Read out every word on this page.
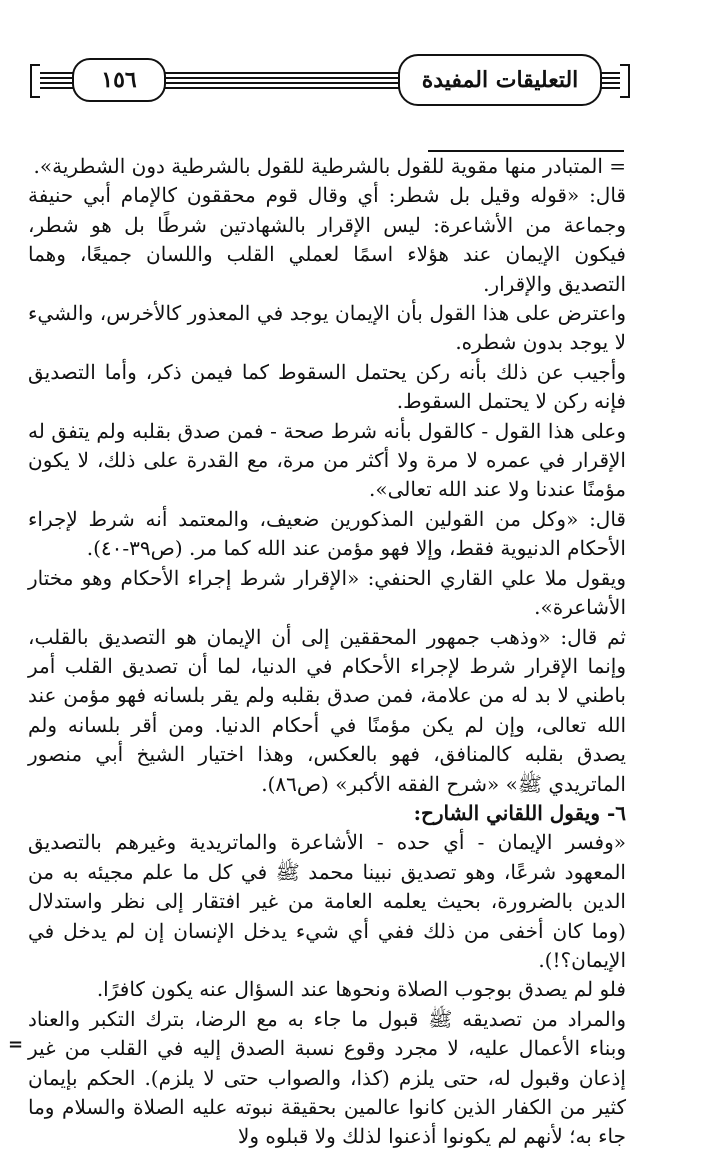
١٥٦	التعليقات المفيدة

= المتبادر منها مقوية للقول بالشرطية للقول بالشرطية دون الشطرية».

قال: «قوله وقيل بل شطر: أي وقال قوم محققون كالإمام أبي حنيفة وجماعة من الأشاعرة: ليس الإقرار بالشهادتين شرطًا بل هو شطر، فيكون الإيمان عند هؤلاء اسمًا لعملي القلب واللسان جميعًا، وهما التصديق والإقرار.

واعترض على هذا القول بأن الإيمان يوجد في المعذور كالأخرس، والشيء لا يوجد بدون شطره.

وأجيب عن ذلك بأنه ركن يحتمل السقوط كما فيمن ذكر، وأما التصديق فإنه ركن لا يحتمل السقوط.

وعلى هذا القول - كالقول بأنه شرط صحة - فمن صدق بقلبه ولم يتفق له الإقرار في عمره لا مرة ولا أكثر من مرة، مع القدرة على ذلك، لا يكون مؤمنًا عندنا ولا عند الله تعالى».

قال: «وكل من القولين المذكورين ضعيف، والمعتمد أنه شرط لإجراء الأحكام الدنيوية فقط، وإلا فهو مؤمن عند الله كما مر. (ص٣٩-٤٠).

ويقول ملا علي القاري الحنفي: «الإقرار شرط إجراء الأحكام وهو مختار الأشاعرة».

ثم قال: «وذهب جمهور المحققين إلى أن الإيمان هو التصديق بالقلب، وإنما الإقرار شرط لإجراء الأحكام في الدنيا، لما أن تصديق القلب أمر باطني لا بد له من علامة، فمن صدق بقلبه ولم يقر بلسانه فهو مؤمن عند الله تعالى، وإن لم يكن مؤمنًا في أحكام الدنيا. ومن أقر بلسانه ولم يصدق بقلبه كالمنافق، فهو بالعكس، وهذا اختيار الشيخ أبي منصور الماتريدي ﷺ» «شرح الفقه الأكبر» (ص٨٦).

٦- ويقول اللقاني الشارح:

«وفسر الإيمان - أي حده - الأشاعرة والماتريدية وغيرهم بالتصديق المعهود شرعًا، وهو تصديق نبينا محمد ﷺ في كل ما علم مجيئه به من الدين بالضرورة، بحيث يعلمه العامة من غير افتقار إلى نظر واستدلال (وما كان أخفى من ذلك ففي أي شيء يدخل الإنسان إن لم يدخل في الإيمان؟!).

فلو لم يصدق بوجوب الصلاة ونحوها عند السؤال عنه يكون كافرًا.

والمراد من تصديقه ﷺ قبول ما جاء به مع الرضا، بترك التكبر والعناد وبناء الأعمال عليه، لا مجرد وقوع نسبة الصدق إليه في القلب من غير إذعان وقبول له، حتى يلزم (كذا، والصواب حتى لا يلزم). الحكم بإيمان كثير من الكفار الذين كانوا عالمين بحقيقة نبوته عليه الصلاة والسلام وما جاء به؛ لأنهم لم يكونوا أذعنوا لذلك ولا قبلوه ولا

=
